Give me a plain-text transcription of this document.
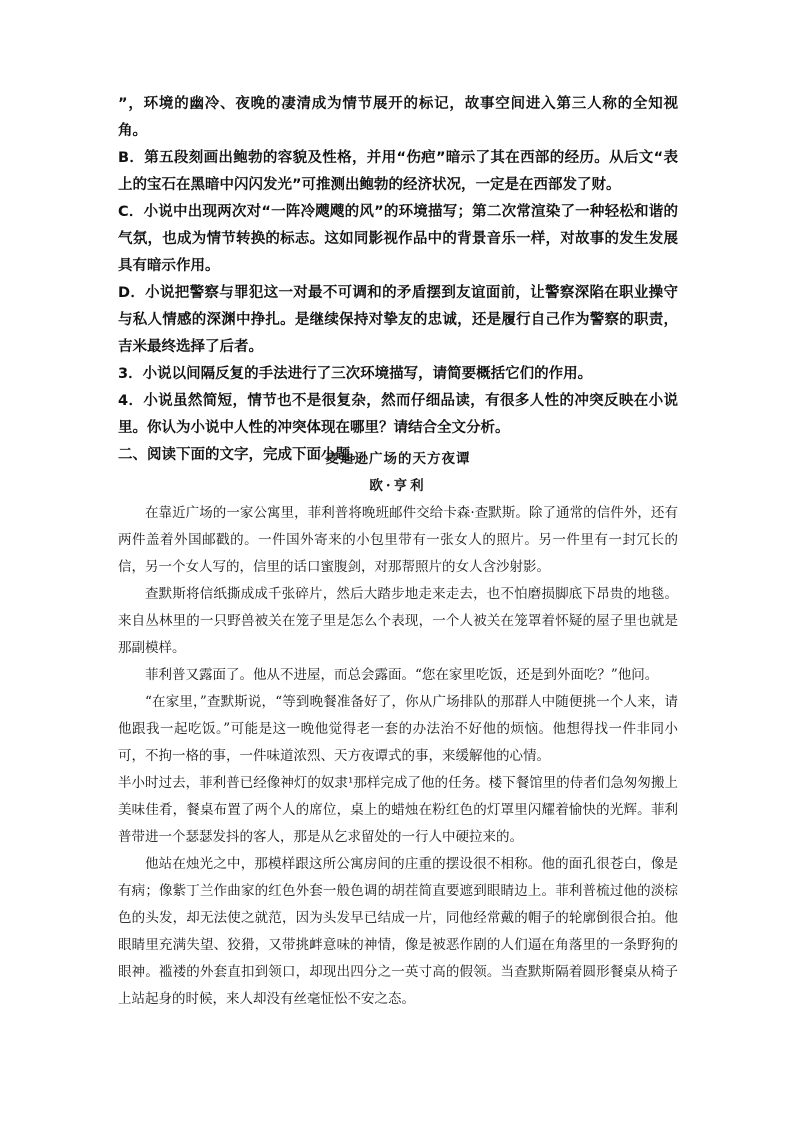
”，环境的幽冷、夜晚的凄清成为情节展开的标记，故事空间进入第三人称的全知视角。

B．第五段刻画出鲍勃的容貌及性格，并用“伤疤”暗示了其在西部的经历。从后文“表上的宝石在黑暗中闪闪发光”可推测出鲍勃的经济状况，一定是在西部发了财。

C．小说中出现两次对“一阵冷飕飕的风”的环境描写；第二次常渲染了一种轻松和谐的气氛，也成为情节转换的标志。这如同影视作品中的背景音乐一样，对故事的发生发展具有暗示作用。

D．小说把警察与罪犯这一对最不可调和的矛盾摆到友谊面前，让警察深陷在职业操守与私人情感的深渊中挣扎。是继续保持对挚友的忠诚，还是履行自己作为警察的职责，吉米最终选择了后者。

3．小说以间隔反复的手法进行了三次环境描写，请简要概括它们的作用。

4．小说虽然简短，情节也不是很复杂，然而仔细品读，有很多人性的冲突反映在小说里。你认为小说中人性的冲突体现在哪里？请结合全文分析。

二、阅读下面的文字，完成下面小题。

麦迪逊广场的天方夜谭

欧·亨利

在靠近广场的一家公寓里，菲利普将晚班邮件交给卡森·查默斯。除了通常的信件外，还有两件盖着外国邮戳的。一件国外寄来的小包里带有一张女人的照片。另一件里有一封冗长的信，另一个女人写的，信里的话口蜜腹剑，对那帮照片的女人含沙射影。

查默斯将信纸撕成成千张碎片，然后大踏步地走来走去，也不怕磨损脚底下昂贵的地毯。来自丛林里的一只野兽被关在笼子里是怎么个表现，一个人被关在笼罩着怀疑的屋子里也就是那副模样。

菲利普又露面了。他从不进屋，而总会露面。“您在家里吃饭，还是到外面吃？”他问。

“在家里，”查默斯说，“等到晚餐准备好了，你从广场排队的那群人中随便挑一个人来，请他跟我一起吃饭。”可能是这一晚他觉得老一套的办法治不好他的烦恼。他想得找一件非同小可，不拘一格的事，一件味道浓烈、天方夜谭式的事，来缓解他的心情。

半小时过去，菲利普已经像神灯的奴隶¹那样完成了他的任务。楼下餐馆里的侍者们急匆匆搬上美味佳肴，餐桌布置了两个人的席位，桌上的蜡烛在粉红色的灯罩里闪耀着愉快的光辉。菲利普带进一个瑟瑟发抖的客人，那是从乞求留处的一行人中硬拉来的。

他站在烛光之中，那模样跟这所公寓房间的庄重的摆设很不相称。他的面孔很苍白，像是有病；像紫丁兰作曲家的红色外套一般色调的胡茬简直要遮到眼睛边上。菲利普梳过他的淡棕色的头发，却无法使之就范，因为头发早已结成一片，同他经常戴的帽子的轮廓倒很合拍。他眼睛里充满失望、狡猾，又带挑衅意味的神情，像是被恶作剧的人们逼在角落里的一条野狗的眼神。褴褛的外套直扣到领口，却现出四分之一英寸高的假领。当查默斯隔着圆形餐桌从椅子上站起身的时候，来人却没有丝毫怔忪不安之态。
